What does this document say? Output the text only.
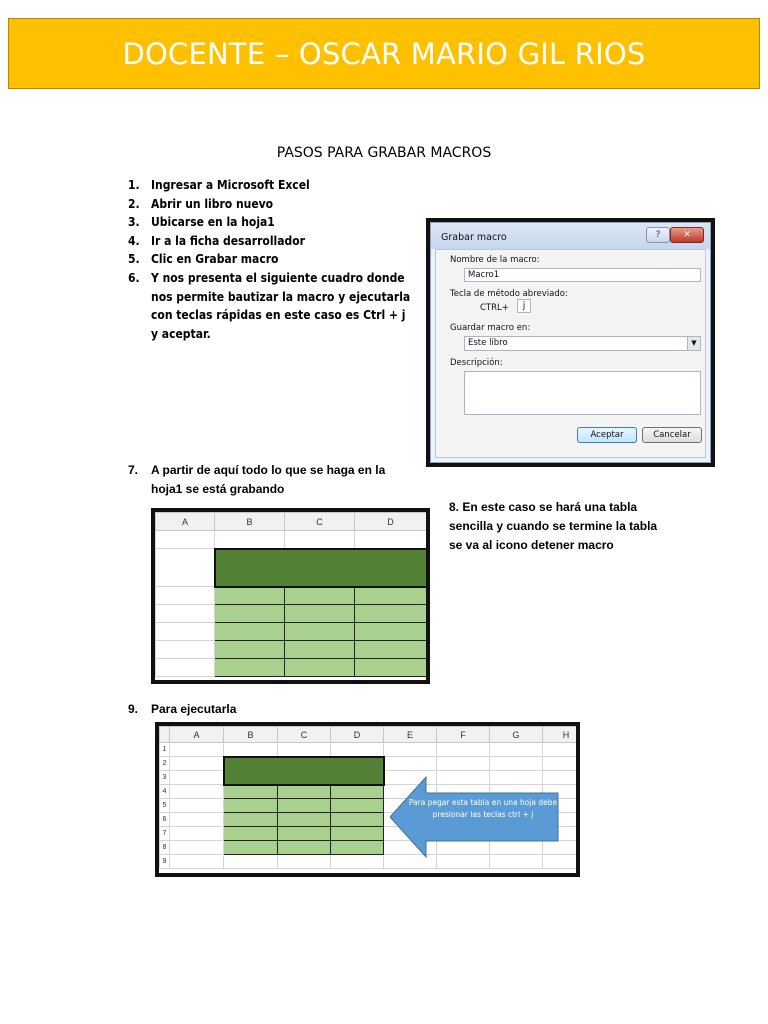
DOCENTE – OSCAR MARIO GIL RIOS
PASOS PARA GRABAR MACROS
1. Ingresar a Microsoft Excel
2. Abrir un libro nuevo
3. Ubicarse en la hoja1
4. Ir a la ficha desarrollador
5. Clic en Grabar macro
6. Y nos presenta el siguiente cuadro donde nos permite bautizar la macro y ejecutarla con teclas rápidas en este caso es Ctrl + j y aceptar.
Grabar macro	?	✕
Nombre de la macro:
Macro1
Tecla de método abreviado:
CTRL+	j
Guardar macro en:
Este libro	▼
Descripción:
Aceptar	Cancelar
7.	A partir de aquí todo lo que se haga en la hoja1 se está grabando
8. En este caso se hará una tabla sencilla y cuando se termine la tabla se va al icono detener macro
A	B	C	D

9.	Para ejecutarla
	A	B	C	D	E	F	G	H
1								
2								
3								
4								
5								
6								
7								
8								
9								
Para pegar esta tabla en una hoja debe presionar las teclas ctrl + j
